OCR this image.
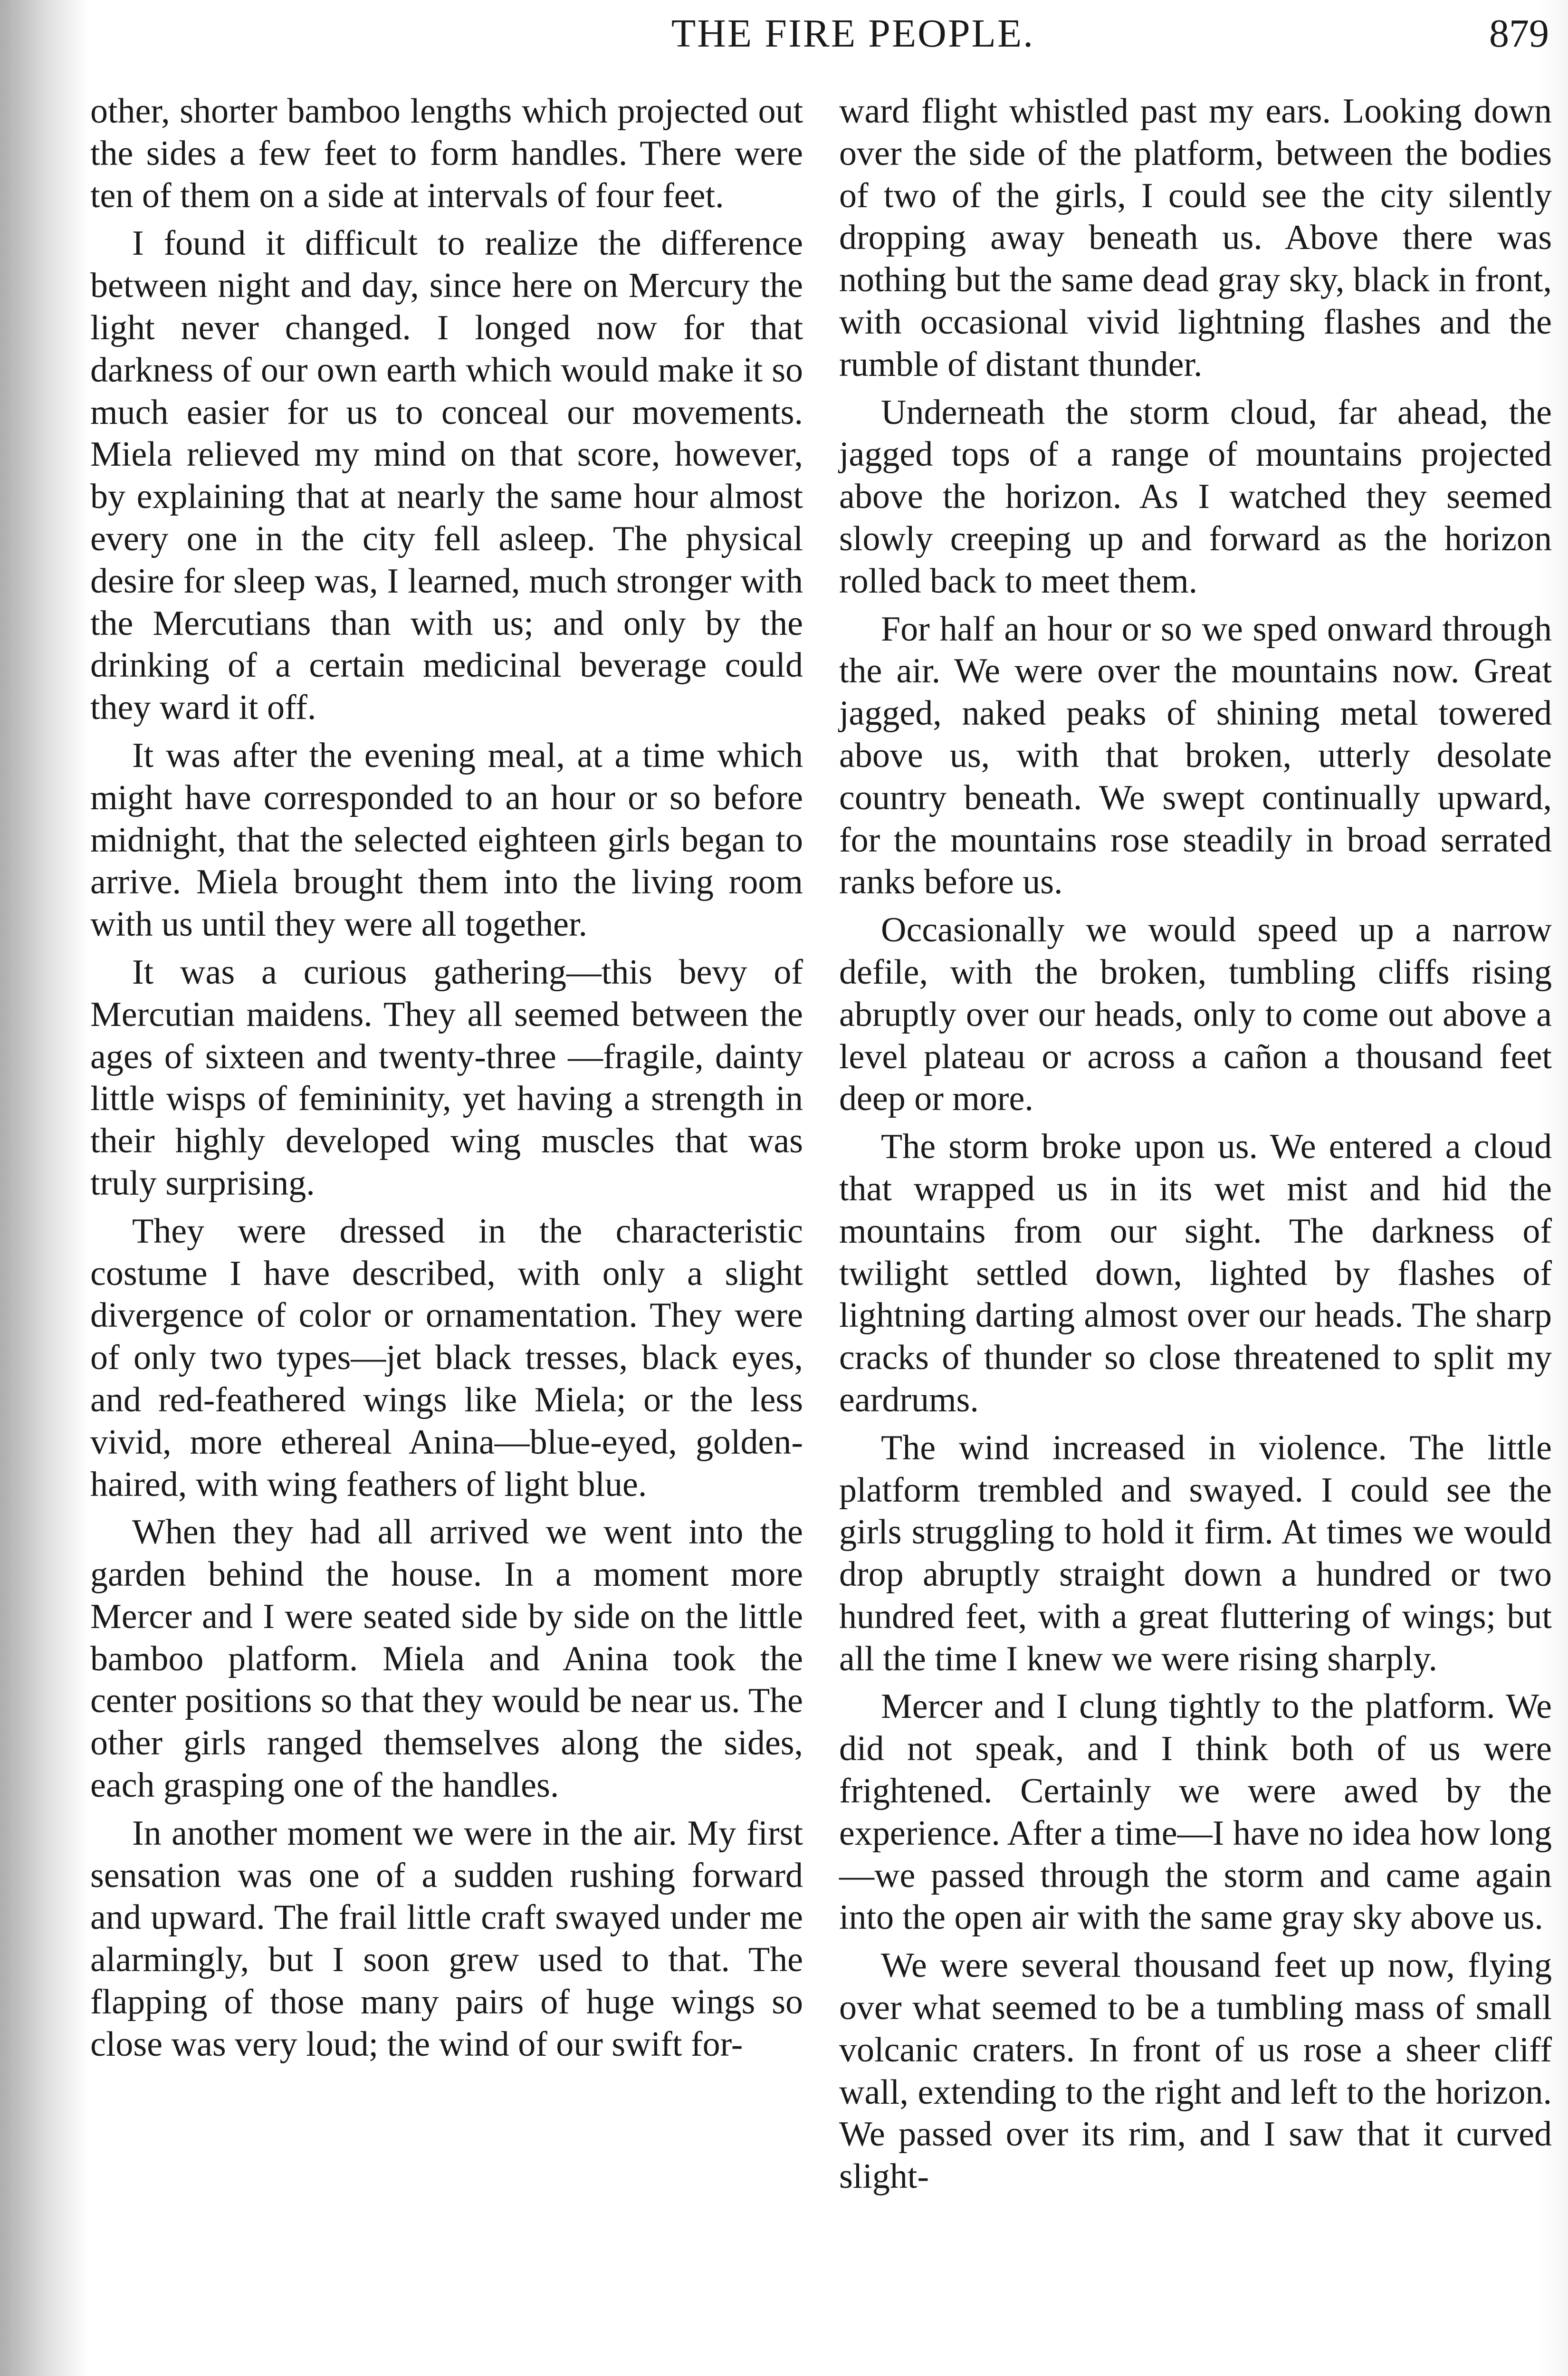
THE FIRE PEOPLE.	879

other, shorter bamboo lengths which projected out the sides a few feet to form handles. There were ten of them on a side at intervals of four feet.

I found it difficult to realize the difference between night and day, since here on Mercury the light never changed. I longed now for that darkness of our own earth which would make it so much easier for us to conceal our movements. Miela relieved my mind on that score, however, by explaining that at nearly the same hour almost every one in the city fell asleep. The physical desire for sleep was, I learned, much stronger with the Mercutians than with us; and only by the drinking of a certain medicinal beverage could they ward it off.

It was after the evening meal, at a time which might have corresponded to an hour or so before midnight, that the selected eighteen girls began to arrive. Miela brought them into the living room with us until they were all together.

It was a curious gathering—this bevy of Mercutian maidens. They all seemed between the ages of sixteen and twenty-three —fragile, dainty little wisps of femininity, yet having a strength in their highly developed wing muscles that was truly surprising.

They were dressed in the characteristic costume I have described, with only a slight divergence of color or ornamentation. They were of only two types—jet black tresses, black eyes, and red-feathered wings like Miela; or the less vivid, more ethereal Anina—blue-eyed, golden-haired, with wing feathers of light blue.

When they had all arrived we went into the garden behind the house. In a moment more Mercer and I were seated side by side on the little bamboo platform. Miela and Anina took the center positions so that they would be near us. The other girls ranged themselves along the sides, each grasping one of the handles.

In another moment we were in the air. My first sensation was one of a sudden rushing forward and upward. The frail little craft swayed under me alarmingly, but I soon grew used to that. The flapping of those many pairs of huge wings so close was very loud; the wind of our swift for-

ward flight whistled past my ears. Looking down over the side of the platform, between the bodies of two of the girls, I could see the city silently dropping away beneath us. Above there was nothing but the same dead gray sky, black in front, with occasional vivid lightning flashes and the rumble of distant thunder.

Underneath the storm cloud, far ahead, the jagged tops of a range of mountains projected above the horizon. As I watched they seemed slowly creeping up and forward as the horizon rolled back to meet them.

For half an hour or so we sped onward through the air. We were over the mountains now. Great jagged, naked peaks of shining metal towered above us, with that broken, utterly desolate country beneath. We swept continually upward, for the mountains rose steadily in broad serrated ranks before us.

Occasionally we would speed up a narrow defile, with the broken, tumbling cliffs rising abruptly over our heads, only to come out above a level plateau or across a cañon a thousand feet deep or more.

The storm broke upon us. We entered a cloud that wrapped us in its wet mist and hid the mountains from our sight. The darkness of twilight settled down, lighted by flashes of lightning darting almost over our heads. The sharp cracks of thunder so close threatened to split my eardrums.

The wind increased in violence. The little platform trembled and swayed. I could see the girls struggling to hold it firm. At times we would drop abruptly straight down a hundred or two hundred feet, with a great fluttering of wings; but all the time I knew we were rising sharply.

Mercer and I clung tightly to the platform. We did not speak, and I think both of us were frightened. Certainly we were awed by the experience. After a time—I have no idea how long—we passed through the storm and came again into the open air with the same gray sky above us.

We were several thousand feet up now, flying over what seemed to be a tumbling mass of small volcanic craters. In front of us rose a sheer cliff wall, extending to the right and left to the horizon. We passed over its rim, and I saw that it curved slight-
